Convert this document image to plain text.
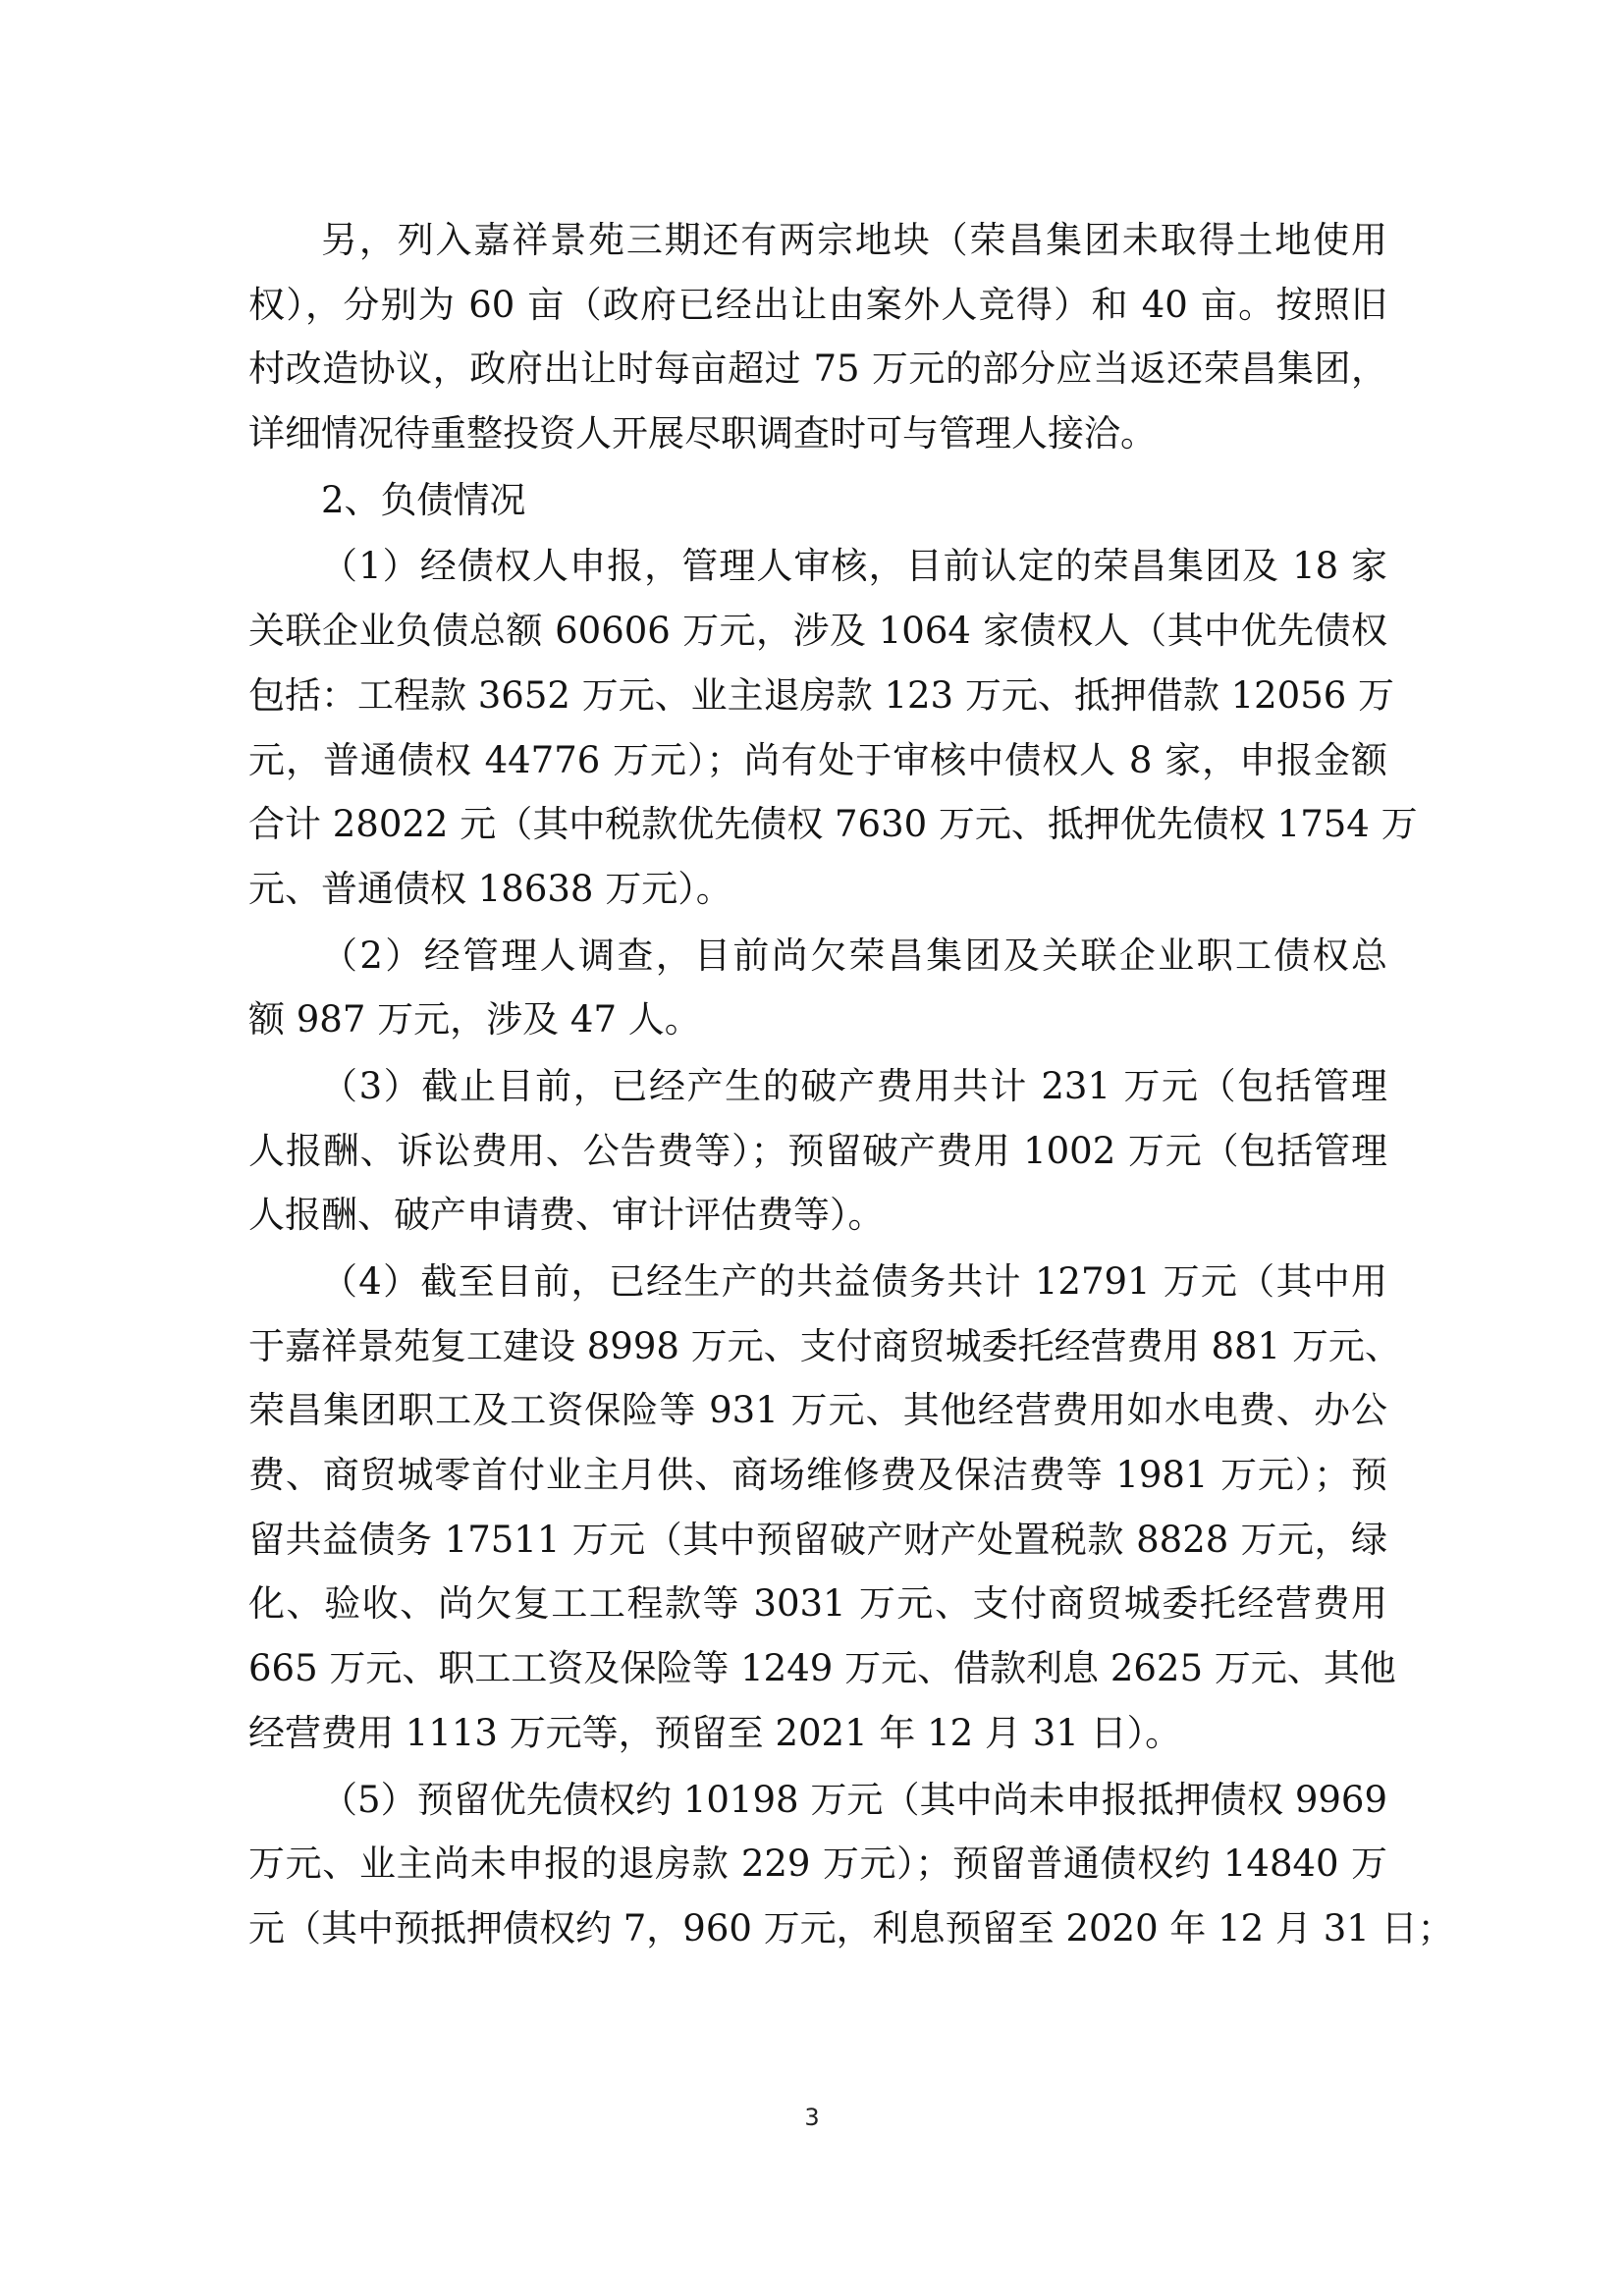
另，列入嘉祥景苑三期还有两宗地块（荣昌集团未取得土地使用
权），分别为 60 亩（政府已经出让由案外人竞得）和 40 亩。按照旧
村改造协议，政府出让时每亩超过 75 万元的部分应当返还荣昌集团，
详细情况待重整投资人开展尽职调查时可与管理人接洽。
2、负债情况
（1）经债权人申报，管理人审核，目前认定的荣昌集团及 18 家
关联企业负债总额 60606 万元，涉及 1064 家债权人（其中优先债权
包括：工程款 3652 万元、业主退房款 123 万元、抵押借款 12056 万
元，普通债权 44776 万元）；尚有处于审核中债权人 8 家，申报金额
合计 28022 元（其中税款优先债权 7630 万元、抵押优先债权 1754 万
元、普通债权 18638 万元）。
（2）经管理人调查，目前尚欠荣昌集团及关联企业职工债权总
额 987 万元，涉及 47 人。
（3）截止目前，已经产生的破产费用共计 231 万元（包括管理
人报酬、诉讼费用、公告费等）；预留破产费用 1002 万元（包括管理
人报酬、破产申请费、审计评估费等）。
（4）截至目前，已经生产的共益债务共计 12791 万元（其中用
于嘉祥景苑复工建设 8998 万元、支付商贸城委托经营费用 881 万元、
荣昌集团职工及工资保险等 931 万元、其他经营费用如水电费、办公
费、商贸城零首付业主月供、商场维修费及保洁费等 1981 万元）；预
留共益债务 17511 万元（其中预留破产财产处置税款 8828 万元，绿
化、验收、尚欠复工工程款等 3031 万元、支付商贸城委托经营费用
665 万元、职工工资及保险等 1249 万元、借款利息 2625 万元、其他
经营费用 1113 万元等，预留至 2021 年 12 月 31 日）。
（5）预留优先债权约 10198 万元（其中尚未申报抵押债权 9969
万元、业主尚未申报的退房款 229 万元）；预留普通债权约 14840 万
元（其中预抵押债权约 7，960 万元，利息预留至 2020 年 12 月 31 日；
3
